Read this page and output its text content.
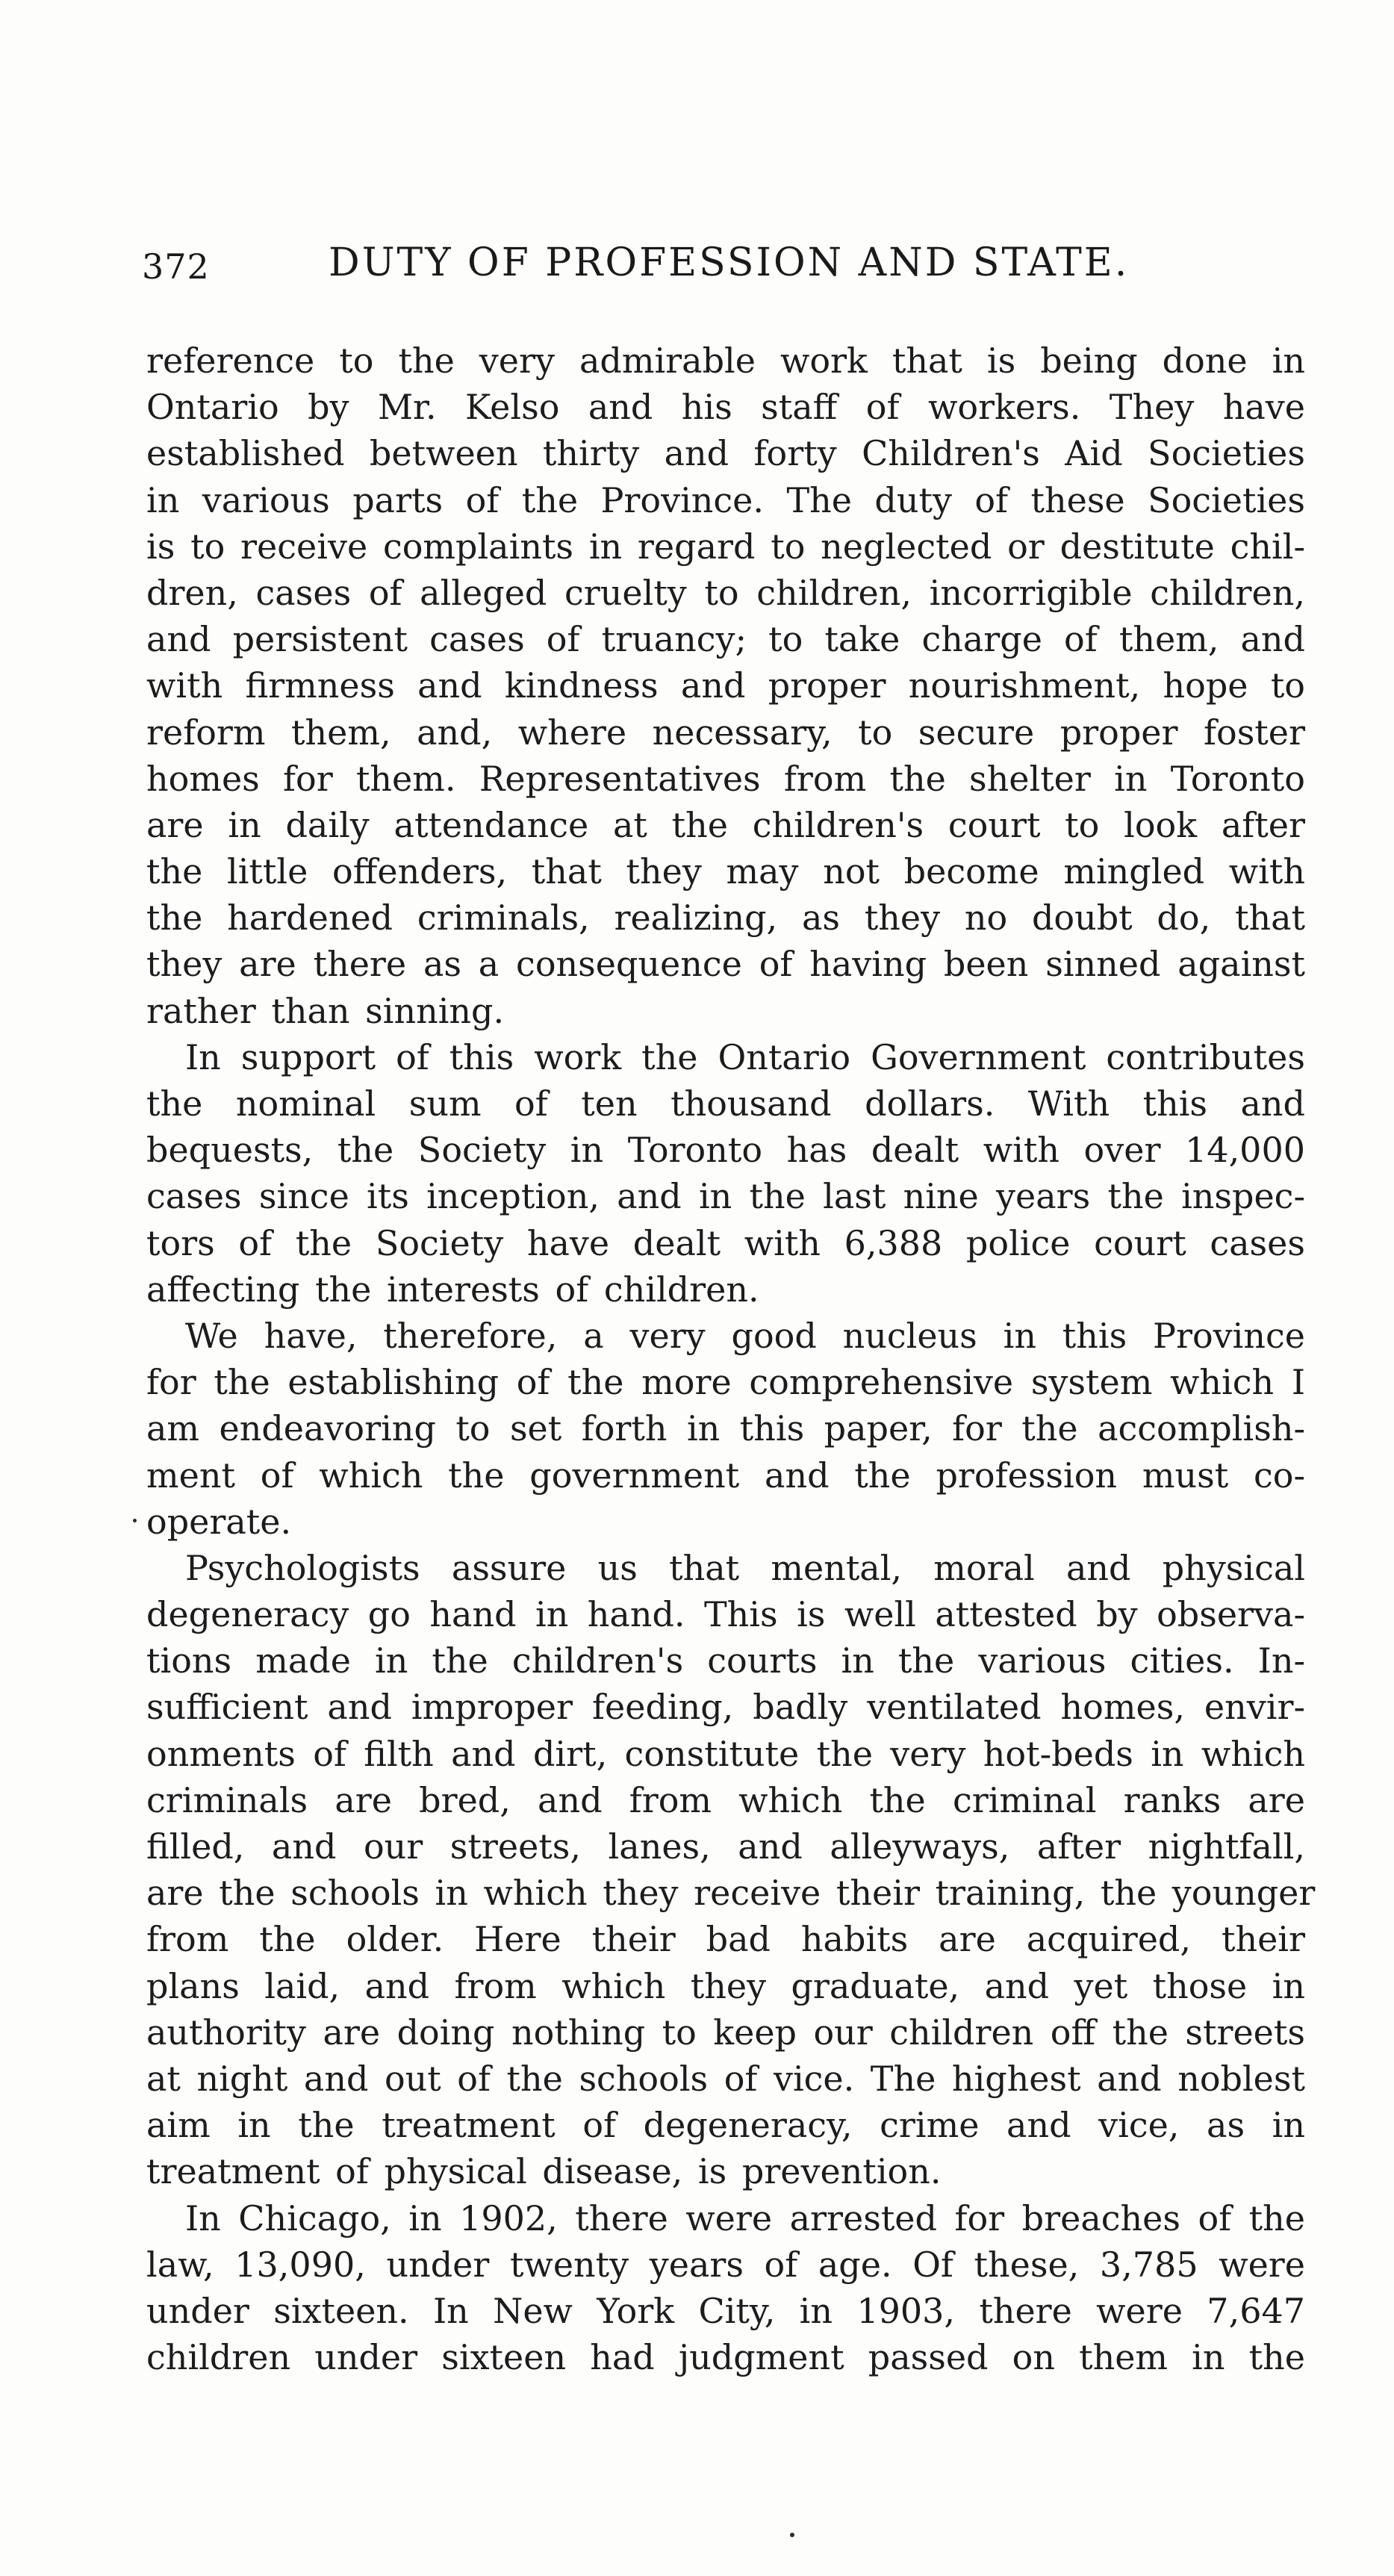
372	DUTY OF PROFESSION AND STATE.
reference to the very admirable work that is being done in
Ontario by Mr. Kelso and his staff of workers. They have
established between thirty and forty Children's Aid Societies
in various parts of the Province. The duty of these Societies
is to receive complaints in regard to neglected or destitute chil-
dren, cases of alleged cruelty to children, incorrigible children,
and persistent cases of truancy; to take charge of them, and
with firmness and kindness and proper nourishment, hope to
reform them, and, where necessary, to secure proper foster
homes for them. Representatives from the shelter in Toronto
are in daily attendance at the children's court to look after
the little offenders, that they may not become mingled with
the hardened criminals, realizing, as they no doubt do, that
they are there as a consequence of having been sinned against
rather than sinning.
In support of this work the Ontario Government contributes
the nominal sum of ten thousand dollars. With this and
bequests, the Society in Toronto has dealt with over 14,000
cases since its inception, and in the last nine years the inspec-
tors of the Society have dealt with 6,388 police court cases
affecting the interests of children.
We have, therefore, a very good nucleus in this Province
for the establishing of the more comprehensive system which I
am endeavoring to set forth in this paper, for the accomplish-
ment of which the government and the profession must co-
operate.
Psychologists assure us that mental, moral and physical
degeneracy go hand in hand. This is well attested by observa-
tions made in the children's courts in the various cities. In-
sufficient and improper feeding, badly ventilated homes, envir-
onments of filth and dirt, constitute the very hot-beds in which
criminals are bred, and from which the criminal ranks are
filled, and our streets, lanes, and alleyways, after nightfall,
are the schools in which they receive their training, the younger
from the older. Here their bad habits are acquired, their
plans laid, and from which they graduate, and yet those in
authority are doing nothing to keep our children off the streets
at night and out of the schools of vice. The highest and noblest
aim in the treatment of degeneracy, crime and vice, as in
treatment of physical disease, is prevention.
In Chicago, in 1902, there were arrested for breaches of the
law, 13,090, under twenty years of age. Of these, 3,785 were
under sixteen. In New York City, in 1903, there were 7,647
children under sixteen had judgment passed on them in the
